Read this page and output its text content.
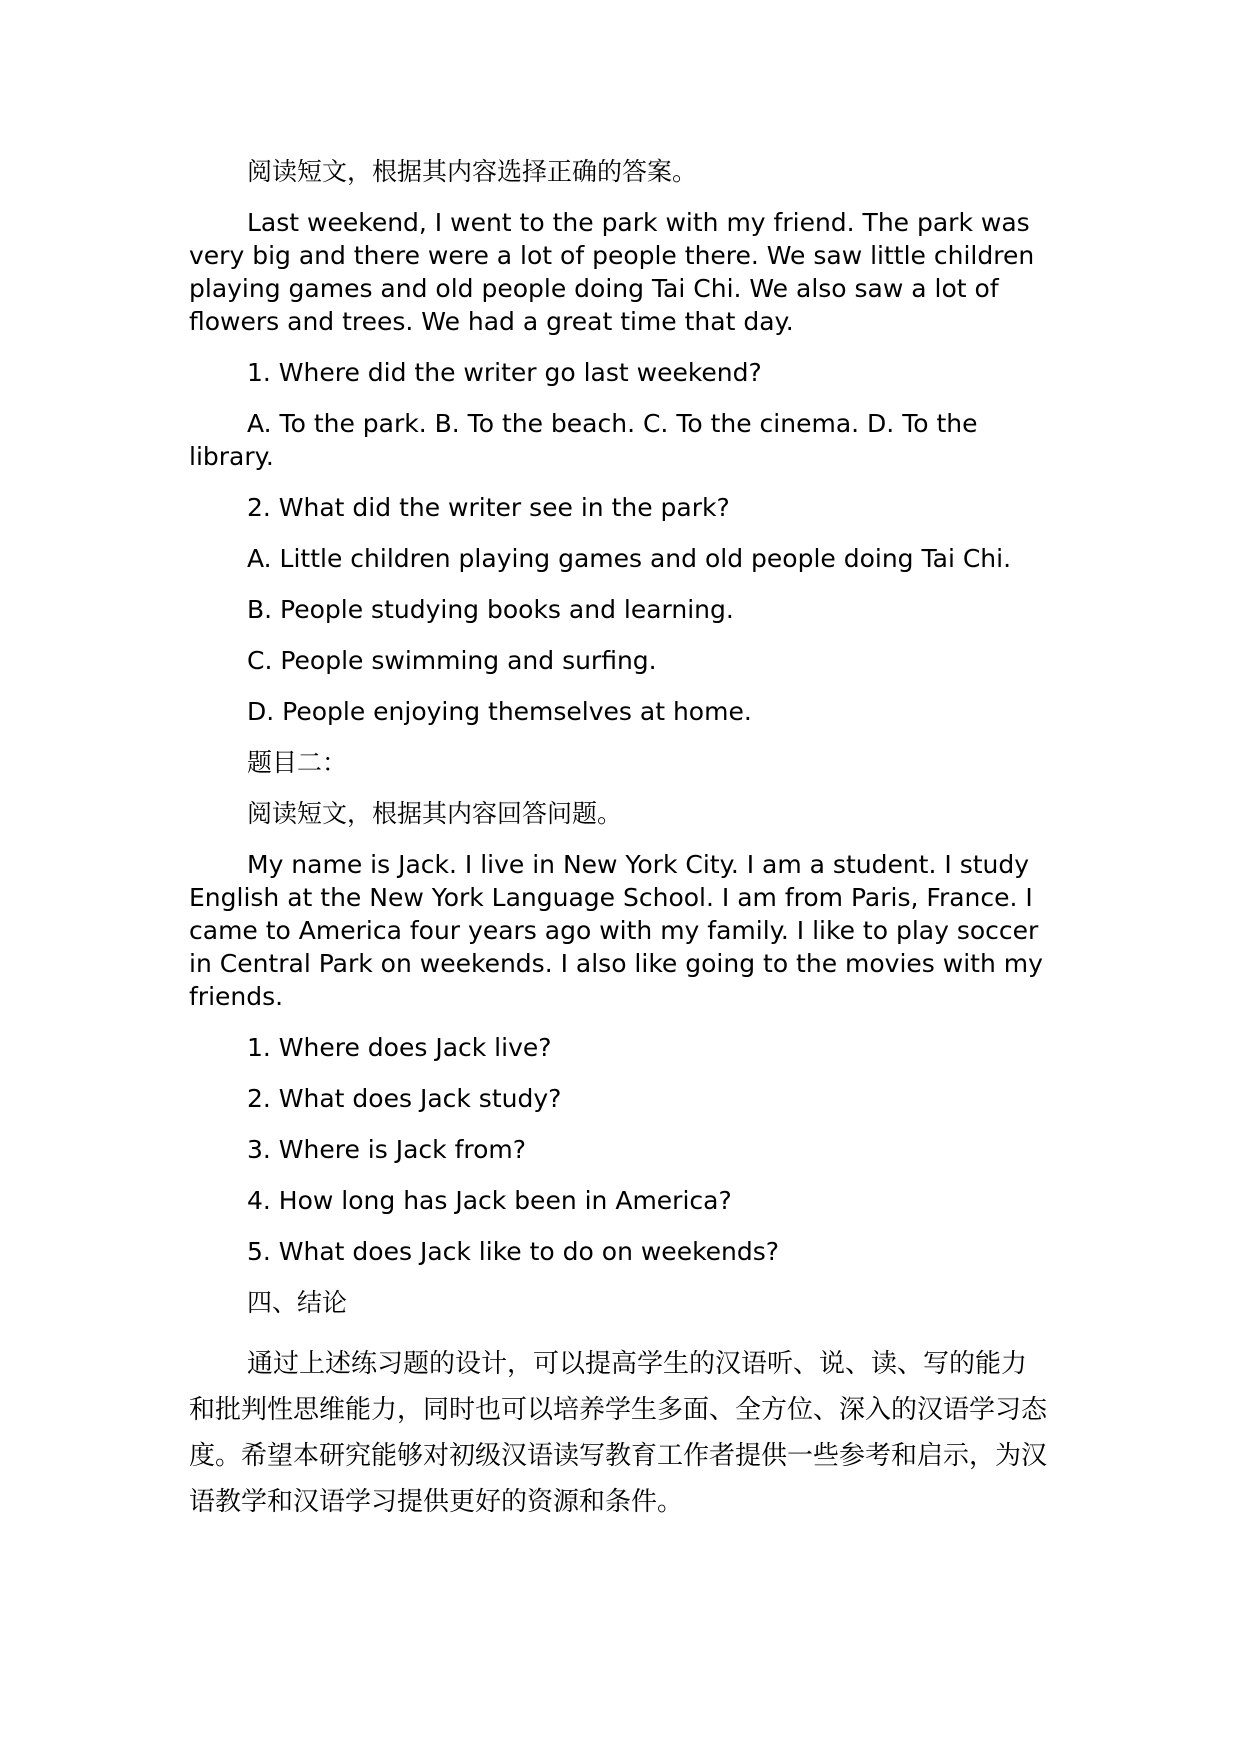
阅读短文，根据其内容选择正确的答案。

Last weekend, I went to the park with my friend. The park was very big and there were a lot of people there. We saw little children playing games and old people doing Tai Chi. We also saw a lot of flowers and trees. We had a great time that day.

1. Where did the writer go last weekend?

A. To the park. B. To the beach. C. To the cinema. D. To the library.

2. What did the writer see in the park?

A. Little children playing games and old people doing Tai Chi.

B. People studying books and learning.

C. People swimming and surfing.

D. People enjoying themselves at home.

题目二：

阅读短文，根据其内容回答问题。

My name is Jack. I live in New York City. I am a student. I study English at the New York Language School. I am from Paris, France. I came to America four years ago with my family. I like to play soccer in Central Park on weekends. I also like going to the movies with my friends.

1. Where does Jack live?

2. What does Jack study?

3. Where is Jack from?

4. How long has Jack been in America?

5. What does Jack like to do on weekends?

四、结论

通过上述练习题的设计，可以提高学生的汉语听、说、读、写的能力和批判性思维能力，同时也可以培养学生多面、全方位、深入的汉语学习态度。希望本研究能够对初级汉语读写教育工作者提供一些参考和启示，为汉语教学和汉语学习提供更好的资源和条件。
